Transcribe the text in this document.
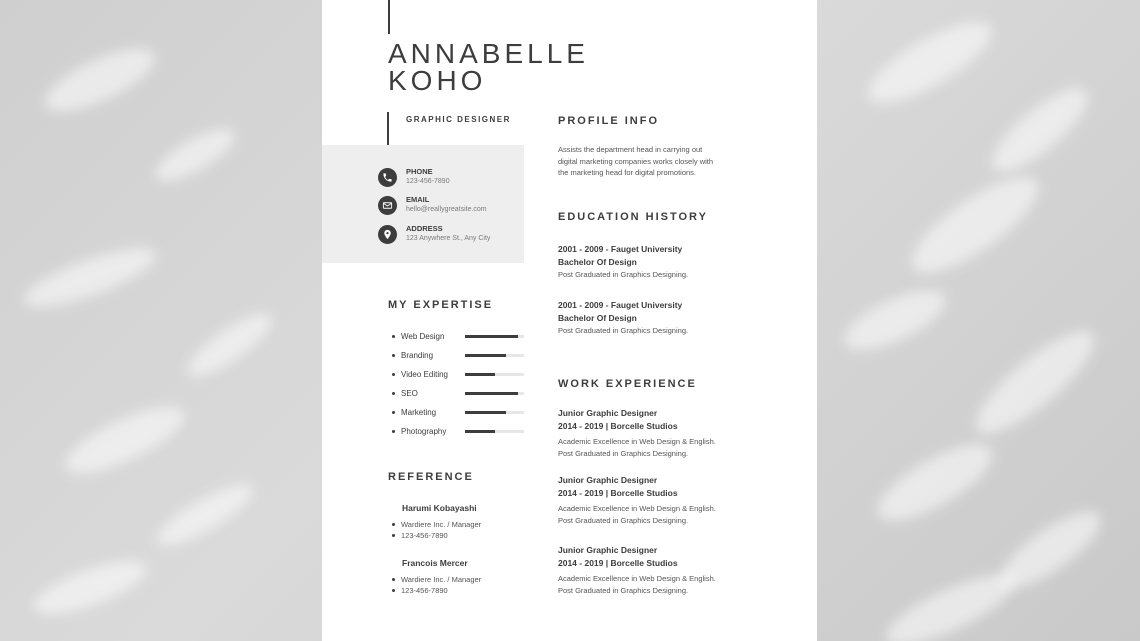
ANNABELLE
KOHO
GRAPHIC DESIGNER
PHONE
123-456-7890
EMAIL
hello@reallygreatsite.com
ADDRESS
123 Anywhere St., Any City
MY EXPERTISE
Web Design
Branding
Video Editing
SEO
Marketing
Photography
REFERENCE
Harumi Kobayashi
Wardiere Inc. / Manager
123-456-7890
Francois Mercer
Wardiere Inc. / Manager
123-456-7890
PROFILE INFO
Assists the department head in carrying out
digital marketing companies works closely with
the marketing head for digital promotions.
EDUCATION HISTORY
2001 - 2009 - Fauget University
Bachelor Of Design
Post Graduated in Graphics Designing.
2001 - 2009 - Fauget University
Bachelor Of Design
Post Graduated in Graphics Designing.
WORK EXPERIENCE
Junior Graphic Designer
2014 - 2019 | Borcelle Studios
Academic Excellence in Web Design & English.
Post Graduated in Graphics Designing.
Junior Graphic Designer
2014 - 2019 | Borcelle Studios
Academic Excellence in Web Design & English.
Post Graduated in Graphics Designing.
Junior Graphic Designer
2014 - 2019 | Borcelle Studios
Academic Excellence in Web Design & English.
Post Graduated in Graphics Designing.
